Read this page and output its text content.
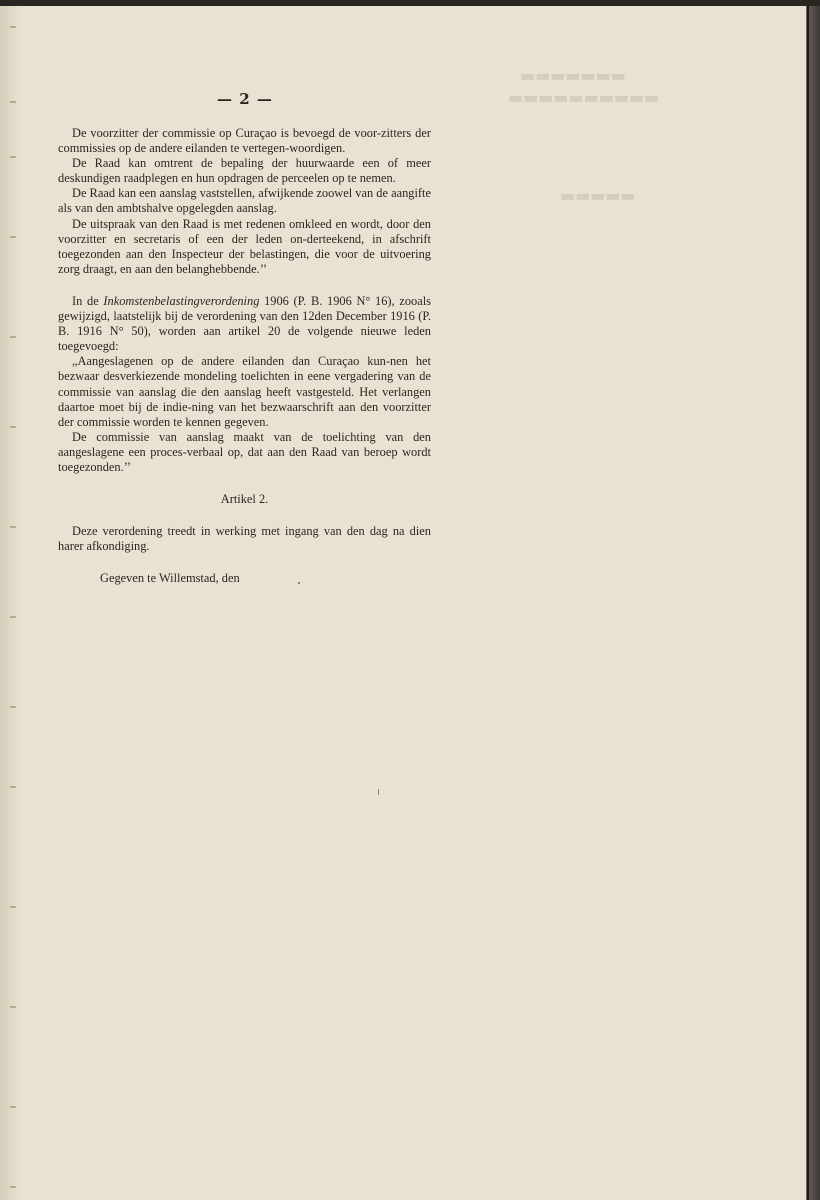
▬▬▬▬▬▬▬
▬▬▬▬▬▬▬▬▬▬
▬▬▬▬▬
— 2 —

De voorzitter der commissie op Curaçao is bevoegd de voor-zitters der commissies op de andere eilanden te vertegen-woordigen.

De Raad kan omtrent de bepaling der huurwaarde een of meer deskundigen raadplegen en hun opdragen de perceelen op te nemen.

De Raad kan een aanslag vaststellen, afwijkende zoowel van de aangifte als van den ambtshalve opgelegden aanslag.

De uitspraak van den Raad is met redenen omkleed en wordt, door den voorzitter en secretaris of een der leden on-derteekend, in afschrift toegezonden aan den Inspecteur der belastingen, die voor de uitvoering zorg draagt, en aan den belanghebbende.’’

In de Inkomstenbelastingverordening 1906 (P. B. 1906 N° 16), zooals gewijzigd, laatstelijk bij de verordening van den 12den December 1916 (P. B. 1916 N° 50), worden aan artikel 20 de volgende nieuwe leden toegevoegd:

„Aangeslagenen op de andere eilanden dan Curaçao kun-nen het bezwaar desverkiezende mondeling toelichten in eene vergadering van de commissie van aanslag die den aanslag heeft vastgesteld. Het verlangen daartoe moet bij de indie-ning van het bezwaarschrift aan den voorzitter der commissie worden te kennen gegeven.

De commissie van aanslag maakt van de toelichting van den aangeslagene een proces-verbaal op, dat aan den Raad van beroep wordt toegezonden.’’

Artikel 2.

Deze verordening treedt in werking met ingang van den dag na dien harer afkondiging.

Gegeven te Willemstad, den
